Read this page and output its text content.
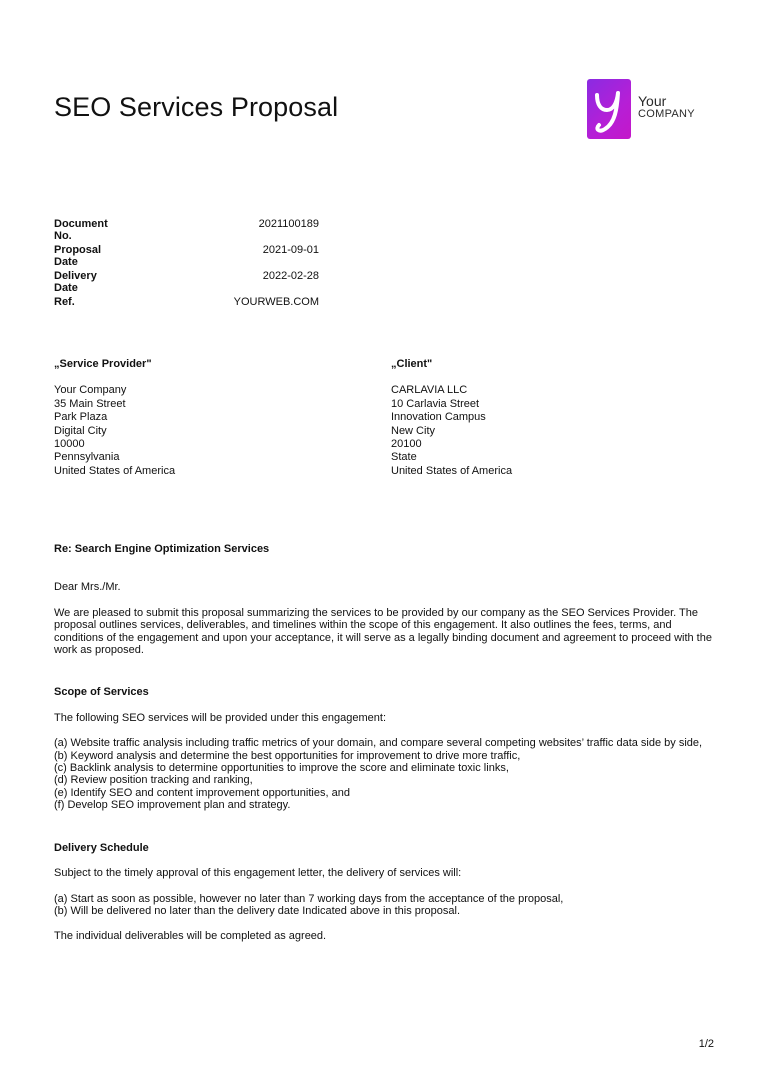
SEO Services Proposal	Your
COMPANY
Document No.
2021100189
Proposal Date
2021-09-01
Delivery Date
2022-02-28
Ref.	YOURWEB.COM
„Service Provider"
Your Company
35 Main Street
Park Plaza
Digital City
10000
Pennsylvania
United States of America
„Client"
CARLAVIA LLC
10 Carlavia Street
Innovation Campus
New City
20100
State
United States of America

Re: Search Engine Optimization Services

Dear Mrs./Mr.

We are pleased to submit this proposal summarizing the services to be provided by our company as the SEO Services Provider. The proposal outlines services, deliverables, and timelines within the scope of this engagement. It also outlines the fees, terms, and conditions of the engagement and upon your acceptance, it will serve as a legally binding document and agreement to proceed with the work as proposed.

Scope of Services

The following SEO services will be provided under this engagement:

(a) Website traffic analysis including traffic metrics of your domain, and compare several competing websites’ traffic data side by side,

(b) Keyword analysis and determine the best opportunities for improvement to drive more traffic,

(c) Backlink analysis to determine opportunities to improve the score and eliminate toxic links,

(d) Review position tracking and ranking,

(e) Identify SEO and content improvement opportunities, and

(f) Develop SEO improvement plan and strategy.

Delivery Schedule

Subject to the timely approval of this engagement letter, the delivery of services will:

(a) Start as soon as possible, however no later than 7 working days from the acceptance of the proposal,

(b) Will be delivered no later than the delivery date Indicated above in this proposal.

The individual deliverables will be completed as agreed.

1/2
